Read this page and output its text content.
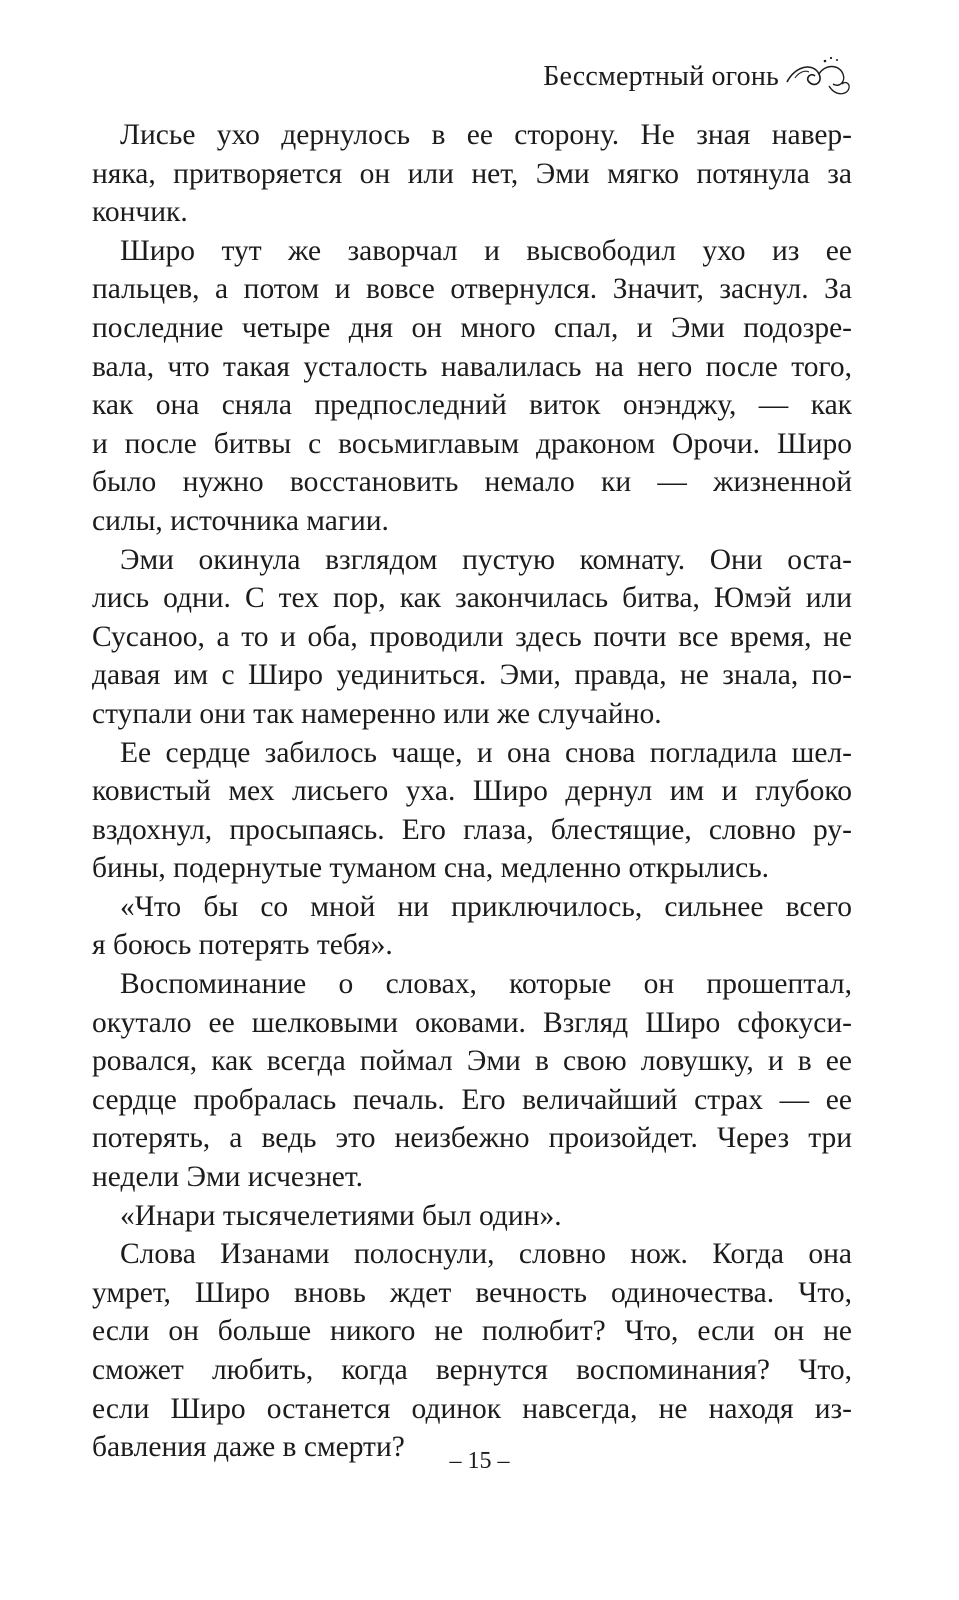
Бессмертный огонь
Лисье ухо дернулось в ее сторону. Не зная навер-
няка, притворяется он или нет, Эми мягко потянула за
кончик.
Широ тут же заворчал и высвободил ухо из ее
пальцев, а потом и вовсе отвернулся. Значит, заснул. За
последние четыре дня он много спал, и Эми подозре-
вала, что такая усталость навалилась на него после того,
как она сняла предпоследний виток онэнджу, — как
и после битвы с восьмиглавым драконом Орочи. Широ
было нужно восстановить немало ки — жизненной
силы, источника магии.
Эми окинула взглядом пустую комнату. Они оста-
лись одни. С тех пор, как закончилась битва, Юмэй или
Сусаноо, а то и оба, проводили здесь почти все время, не
давая им с Широ уединиться. Эми, правда, не знала, по-
ступали они так намеренно или же случайно.
Ее сердце забилось чаще, и она снова погладила шел-
ковистый мех лисьего уха. Широ дернул им и глубоко
вздохнул, просыпаясь. Его глаза, блестящие, словно ру-
бины, подернутые туманом сна, медленно открылись.
«Что бы со мной ни приключилось, сильнее всего
я боюсь потерять тебя».
Воспоминание о словах, которые он прошептал,
окутало ее шелковыми оковами. Взгляд Широ сфокуси-
ровался, как всегда поймал Эми в свою ловушку, и в ее
сердце пробралась печаль. Его величайший страх — ее
потерять, а ведь это неизбежно произойдет. Через три
недели Эми исчезнет.
«Инари тысячелетиями был один».
Слова Изанами полоснули, словно нож. Когда она
умрет, Широ вновь ждет вечность одиночества. Что,
если он больше никого не полюбит? Что, если он не
сможет любить, когда вернутся воспоминания? Что,
если Широ останется одинок навсегда, не находя из-
бавления даже в смерти?	– 15 –
